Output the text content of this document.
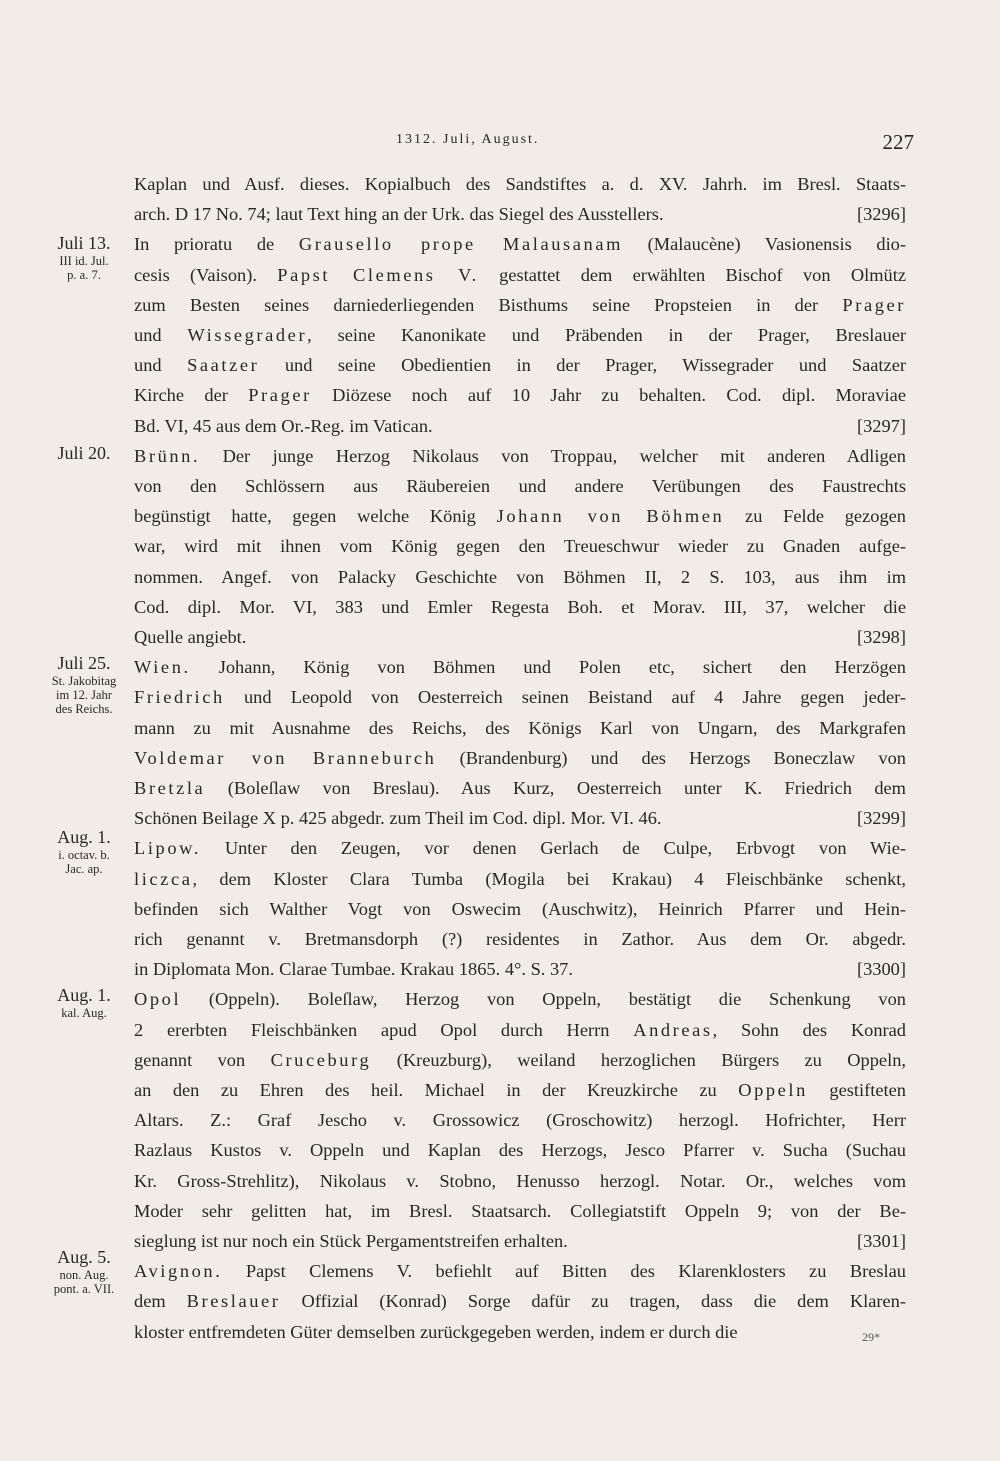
1312. Juli, August.	227
Juli 13.
III id. Jul.
p. a. 7.
Juli 20.
Juli 25.
St. Jakobitag
im 12. Jahr
des Reichs.
Aug. 1.
i. octav. b.
Jac. ap.
Aug. 1.
kal. Aug.
Aug. 5.
non. Aug.
pont. a. VII.
Kaplan und Ausf. dieses. Kopialbuch des Sandstiftes a. d. XV. Jahrh. im Bresl. Staats-
[3296]
arch. D 17 No. 74; laut Text hing an der Urk. das Siegel des Ausstellers.
In prioratu de Grausello prope Malausanam (Malaucène) Vasionensis dio-
cesis (Vaison). Papst Clemens V. gestattet dem erwählten Bischof von Olmütz
zum Besten seines darniederliegenden Bisthums seine Propsteien in der Prager
und Wissegrader, seine Kanonikate und Präbenden in der Prager, Breslauer
und Saatzer und seine Obedientien in der Prager, Wissegrader und Saatzer
Kirche der Prager Diözese noch auf 10 Jahr zu behalten. Cod. dipl. Moraviae
[3297]
Bd. VI, 45 aus dem Or.-Reg. im Vatican.
Brünn. Der junge Herzog Nikolaus von Troppau, welcher mit anderen Adligen
von den Schlössern aus Räubereien und andere Verübungen des Faustrechts
begünstigt hatte, gegen welche König Johann von Böhmen zu Felde gezogen
war, wird mit ihnen vom König gegen den Treueschwur wieder zu Gnaden aufge-
nommen. Angef. von Palacky Geschichte von Böhmen II, 2 S. 103, aus ihm im
Cod. dipl. Mor. VI, 383 und Emler Regesta Boh. et Morav. III, 37, welcher die
[3298]
Quelle angiebt.
Wien. Johann, König von Böhmen und Polen etc, sichert den Herzögen
Friedrich und Leopold von Oesterreich seinen Beistand auf 4 Jahre gegen jeder-
mann zu mit Ausnahme des Reichs, des Königs Karl von Ungarn, des Markgrafen
Voldemar von Branneburch (Brandenburg) und des Herzogs Boneczlaw von
Bretzla (Boleſlaw von Breslau). Aus Kurz, Oesterreich unter K. Friedrich dem
[3299]
Schönen Beilage X p. 425 abgedr. zum Theil im Cod. dipl. Mor. VI. 46.
Lipow. Unter den Zeugen, vor denen Gerlach de Culpe, Erbvogt von Wie-
liczca, dem Kloster Clara Tumba (Mogila bei Krakau) 4 Fleischbänke schenkt,
befinden sich Walther Vogt von Oswecim (Auschwitz), Heinrich Pfarrer und Hein-
rich genannt v. Bretmansdorph (?) residentes in Zathor. Aus dem Or. abgedr.
[3300]
in Diplomata Mon. Clarae Tumbae. Krakau 1865. 4°. S. 37.
Opol (Oppeln). Boleſlaw, Herzog von Oppeln, bestätigt die Schenkung von
2 ererbten Fleischbänken apud Opol durch Herrn Andreas, Sohn des Konrad
genannt von Cruceburg (Kreuzburg), weiland herzoglichen Bürgers zu Oppeln,
an den zu Ehren des heil. Michael in der Kreuzkirche zu Oppeln gestifteten
Altars. Z.: Graf Jescho v. Grossowicz (Groschowitz) herzogl. Hofrichter, Herr
Razlaus Kustos v. Oppeln und Kaplan des Herzogs, Jesco Pfarrer v. Sucha (Suchau
Kr. Gross-Strehlitz), Nikolaus v. Stobno, Henusso herzogl. Notar. Or., welches vom
Moder sehr gelitten hat, im Bresl. Staatsarch. Collegiatstift Oppeln 9; von der Be-
[3301]
sieglung ist nur noch ein Stück Pergamentstreifen erhalten.
Avignon. Papst Clemens V. befiehlt auf Bitten des Klarenklosters zu Breslau
dem Breslauer Offizial (Konrad) Sorge dafür zu tragen, dass die dem Klaren-
kloster entfremdeten Güter demselben zurückgegeben werden, indem er durch die	29*
